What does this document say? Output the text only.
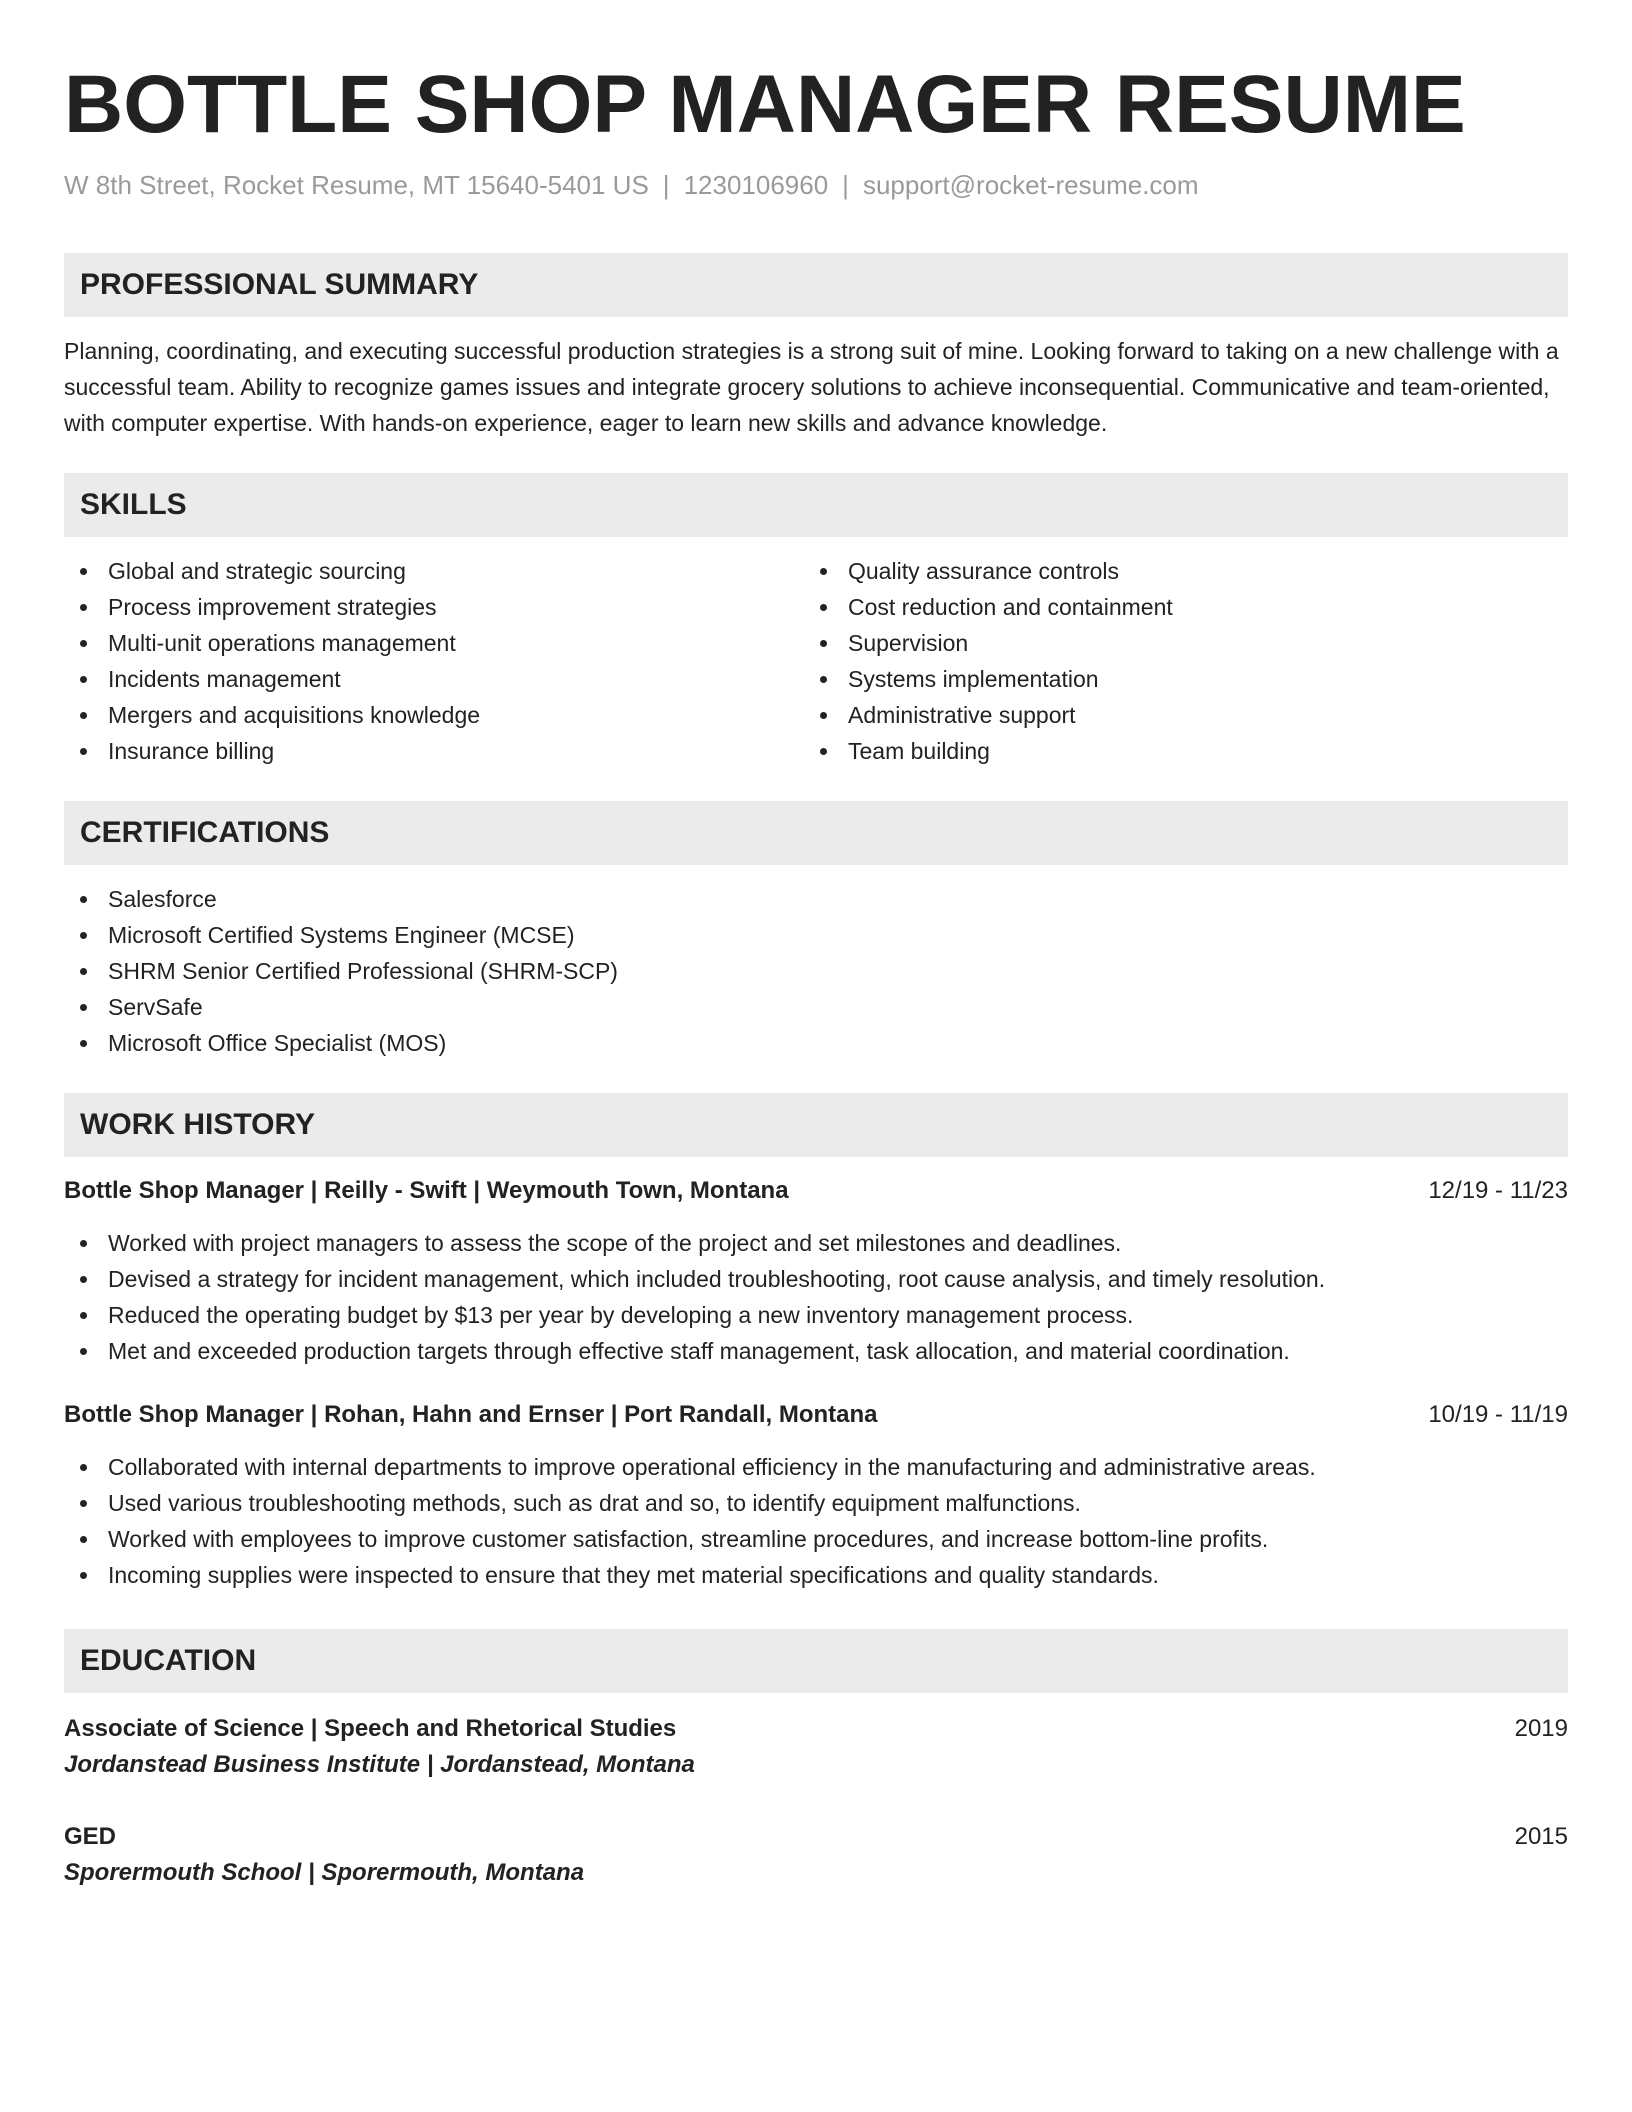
BOTTLE SHOP MANAGER RESUME
W 8th Street, Rocket Resume, MT 15640-5401 US | 1230106960 | support@rocket-resume.com
PROFESSIONAL SUMMARY

Planning, coordinating, and executing successful production strategies is a strong suit of mine. Looking forward to taking on a new challenge with a successful team. Ability to recognize games issues and integrate grocery solutions to achieve inconsequential. Communicative and team-oriented, with computer expertise. With hands-on experience, eager to learn new skills and advance knowledge.

SKILLS
Global and strategic sourcing
Process improvement strategies
Multi-unit operations management
Incidents management
Mergers and acquisitions knowledge
Insurance billing
Quality assurance controls
Cost reduction and containment
Supervision
Systems implementation
Administrative support
Team building
CERTIFICATIONS
Salesforce
Microsoft Certified Systems Engineer (MCSE)
SHRM Senior Certified Professional (SHRM-SCP)
ServSafe
Microsoft Office Specialist (MOS)
WORK HISTORY
Bottle Shop Manager | Reilly - Swift | Weymouth Town, Montana	12/19 - 11/23
Worked with project managers to assess the scope of the project and set milestones and deadlines.
Devised a strategy for incident management, which included troubleshooting, root cause analysis, and timely resolution.
Reduced the operating budget by $13 per year by developing a new inventory management process.
Met and exceeded production targets through effective staff management, task allocation, and material coordination.
Bottle Shop Manager | Rohan, Hahn and Ernser | Port Randall, Montana	10/19 - 11/19
Collaborated with internal departments to improve operational efficiency in the manufacturing and administrative areas.
Used various troubleshooting methods, such as drat and so, to identify equipment malfunctions.
Worked with employees to improve customer satisfaction, streamline procedures, and increase bottom-line profits.
Incoming supplies were inspected to ensure that they met material specifications and quality standards.
EDUCATION
Associate of Science | Speech and Rhetorical Studies	2019
Jordanstead Business Institute | Jordanstead, Montana
GED	2015
Sporermouth School | Sporermouth, Montana
